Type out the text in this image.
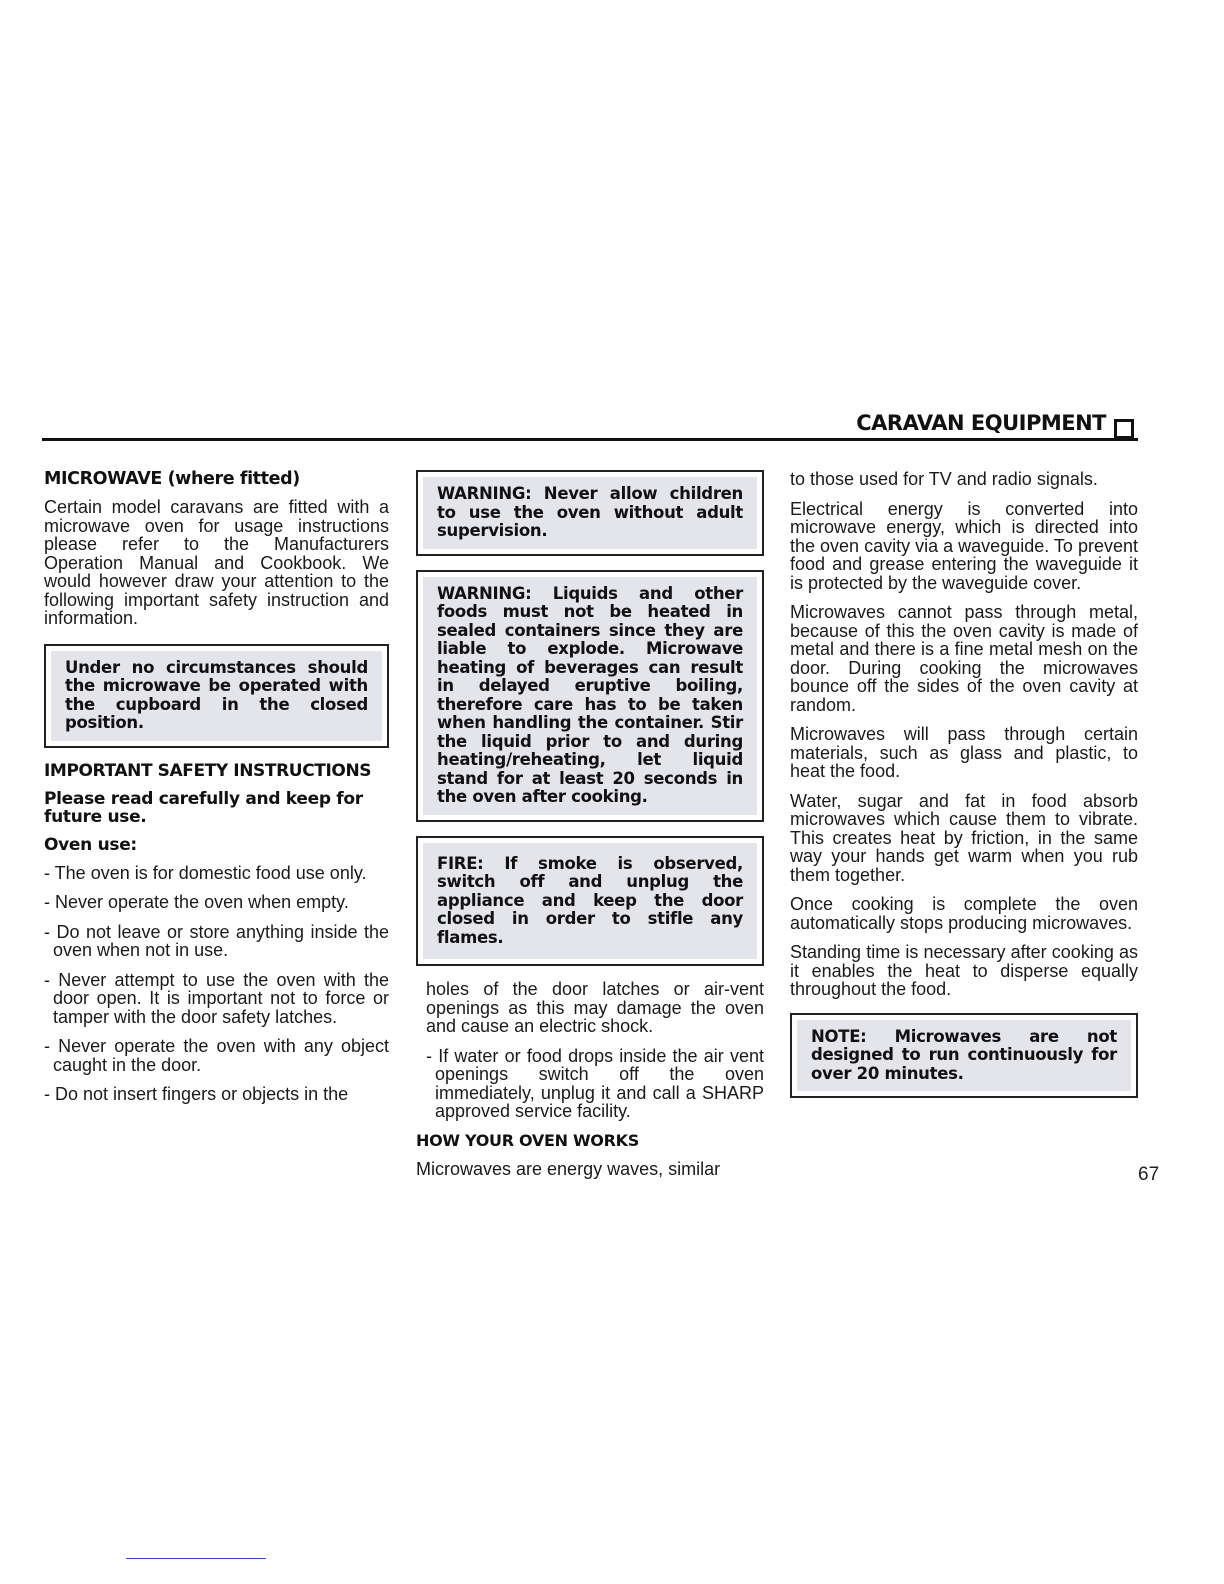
CARAVAN EQUIPMENT
MICROWAVE (where fitted)

Certain model caravans are fitted with a microwave oven for usage instructions please refer to the Manufacturers Operation Manual and Cookbook. We would however draw your attention to the following important safety instruction and information.

Under no circumstances should the microwave be operated with the cupboard in the closed position.
IMPORTANT SAFETY INSTRUCTIONS
Please read carefully and keep for future use.
Oven use:

- The oven is for domestic food use only.

- Never operate the oven when empty.

- Do not leave or store anything inside the oven when not in use.

- Never attempt to use the oven with the door open. It is important not to force or tamper with the door safety latches.

- Never operate the oven with any object caught in the door.

- Do not insert fingers or objects in the

WARNING: Never allow children to use the oven without adult supervision.
WARNING: Liquids and other foods must not be heated in sealed containers since they are liable to explode. Microwave heating of beverages can result in delayed eruptive boiling, therefore care has to be taken when handling the container. Stir the liquid prior to and during heating/reheating, let liquid stand for at least 20 seconds in the oven after cooking.
FIRE: If smoke is observed, switch off and unplug the appliance and keep the door closed in order to stifle any flames.

holes of the door latches or air-vent openings as this may damage the oven and cause an electric shock.

- If water or food drops inside the air vent openings switch off the oven immediately, unplug it and call a SHARP approved service facility.

HOW YOUR OVEN WORKS

Microwaves are energy waves, similar

to those used for TV and radio signals.

Electrical energy is converted into microwave energy, which is directed into the oven cavity via a waveguide. To prevent food and grease entering the waveguide it is protected by the waveguide cover.

Microwaves cannot pass through metal, because of this the oven cavity is made of metal and there is a fine metal mesh on the door. During cooking the microwaves bounce off the sides of the oven cavity at random.

Microwaves will pass through certain materials, such as glass and plastic, to heat the food.

Water, sugar and fat in food absorb microwaves which cause them to vibrate. This creates heat by friction, in the same way your hands get warm when you rub them together.

Once cooking is complete the oven automatically stops producing microwaves.

Standing time is necessary after cooking as it enables the heat to disperse equally throughout the food.

NOTE: Microwaves are not designed to run continuously for over 20 minutes.
67
